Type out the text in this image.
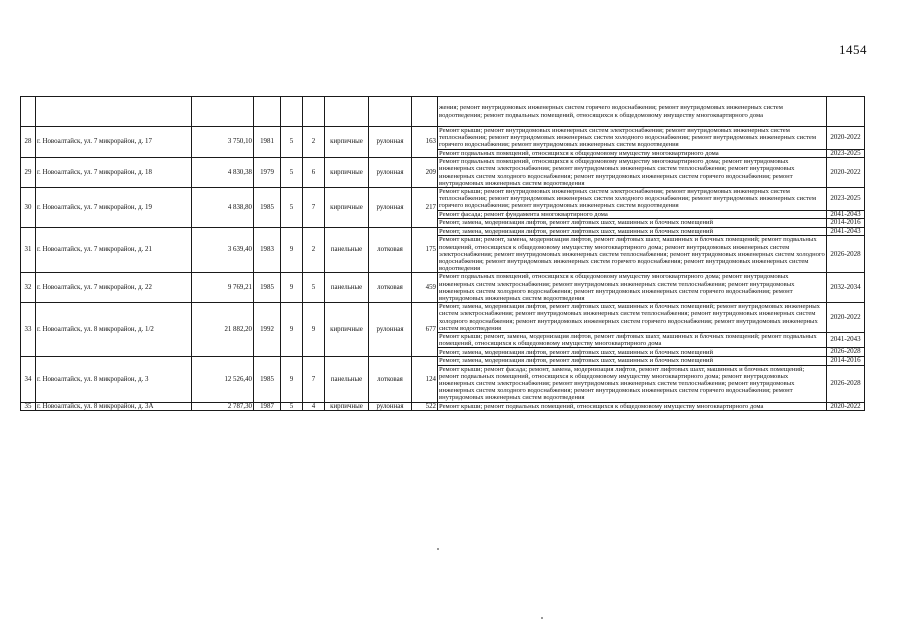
1454
									жения; ремонт внутридомовых инженерных систем горячего водоснабжения; ремонт внутридомовых инженерных систем водоотведения; ремонт подвальных помещений, относящихся к общедомовому имуществу многоквартирного дома	
28	г. Новоалтайск, ул. 7 микрорайон, д. 17	3 750,10	1981	5	2	кирпичные	рулонная	163	Ремонт крыши; ремонт внутридомовых инженерных систем электроснабжения; ремонт внутридомовых инженерных систем теплоснабжения; ремонт внутридомовых инженерных систем холодного водоснабжения; ремонт внутридомовых инженерных систем горячего водоснабжения; ремонт внутридомовых инженерных систем водоотведения	2020-2022
									Ремонт подвальных помещений, относящихся к общедомовому имуществу многоквартирного дома	2023-2025
29	г. Новоалтайск, ул. 7 микрорайон, д. 18	4 830,38	1979	5	6	кирпичные	рулонная	209	Ремонт подвальных помещений, относящихся к общедомовому имуществу многоквартирного дома; ремонт внутридомовых инженерных систем электроснабжения; ремонт внутридомовых инженерных систем теплоснабжения; ремонт внутридомовых инженерных систем холодного водоснабжения; ремонт внутридомовых инженерных систем горячего водоснабжения; ремонт внутридомовых инженерных систем водоотведения	2020-2022
30	г. Новоалтайск, ул. 7 микрорайон, д. 19	4 838,80	1985	5	7	кирпичные	рулонная	217	Ремонт крыши; ремонт внутридомовых инженерных систем электроснабжения; ремонт внутридомовых инженерных систем теплоснабжения; ремонт внутридомовых инженерных систем холодного водоснабжения; ремонт внутридомовых инженерных систем горячего водоснабжения; ремонт внутридомовых инженерных систем водоотведения	2023-2025
									Ремонт фасада; ремонт фундамента многоквартирного дома	2041-2043
									Ремонт, замена, модернизация лифтов, ремонт лифтовых шахт, машинных и блочных помещений	2014-2016
31	г. Новоалтайск, ул. 7 микрорайон, д. 21	3 639,40	1983	9	2	панельные	лотковая	175	Ремонт, замена, модернизация лифтов, ремонт лифтовых шахт, машинных и блочных помещений	2041-2043
									Ремонт крыши; ремонт, замена, модернизация лифтов, ремонт лифтовых шахт, машинных и блочных помещений; ремонт подвальных помещений, относящихся к общедомовому имуществу многоквартирного дома; ремонт внутридомовых инженерных систем электроснабжения; ремонт внутридомовых инженерных систем теплоснабжения; ремонт внутридомовых инженерных систем холодного водоснабжения; ремонт внутридомовых инженерных систем горячего водоснабжения; ремонт внутридомовых инженерных систем водоотведения	2026-2028
32	г. Новоалтайск, ул. 7 микрорайон, д. 22	9 769,21	1985	9	5	панельные	лотковая	459	Ремонт подвальных помещений, относящихся к общедомовому имуществу многоквартирного дома; ремонт внутридомовых инженерных систем электроснабжения; ремонт внутридомовых инженерных систем теплоснабжения; ремонт внутридомовых инженерных систем холодного водоснабжения; ремонт внутридомовых инженерных систем горячего водоснабжения; ремонт внутридомовых инженерных систем водоотведения	2032-2034
33	г. Новоалтайск, ул. 8 микрорайон, д. 1/2	21 882,20	1992	9	9	кирпичные	рулонная	677	Ремонт, замена, модернизация лифтов, ремонт лифтовых шахт, машинных и блочных помещений; ремонт внутридомовых инженерных систем электроснабжения; ремонт внутридомовых инженерных систем теплоснабжения; ремонт внутридомовых инженерных систем холодного водоснабжения; ремонт внутридомовых инженерных систем горячего водоснабжения; ремонт внутридомовых инженерных систем водоотведения	2020-2022
									Ремонт крыши; ремонт, замена, модернизация лифтов, ремонт лифтовых шахт, машинных и блочных помещений; ремонт подвальных помещений, относящихся к общедомовому имуществу многоквартирного дома	2041-2043
									Ремонт, замена, модернизация лифтов, ремонт лифтовых шахт, машинных и блочных помещений	2026-2028
34	г. Новоалтайск, ул. 8 микрорайон, д. 3	12 526,40	1985	9	7	панельные	лотковая	124	Ремонт, замена, модернизация лифтов, ремонт лифтовых шахт, машинных и блочных помещений	2014-2016
									Ремонт крыши; ремонт фасада; ремонт, замена, модернизация лифтов, ремонт лифтовых шахт, машинных и блочных помещений; ремонт подвальных помещений, относящихся к общедомовому имуществу многоквартирного дома; ремонт внутридомовых инженерных систем электроснабжения; ремонт внутридомовых инженерных систем теплоснабжения; ремонт внутридомовых инженерных систем холодного водоснабжения; ремонт внутридомовых инженерных систем горячего водоснабжения; ремонт внутридомовых инженерных систем водоотведения	2026-2028
35	г. Новоалтайск, ул. 8 микрорайон, д. 3А	2 787,30	1987	5	4	кирпичные	рулонная	522	Ремонт крыши; ремонт подвальных помещений, относящихся к общедомовому имуществу многоквартирного дома	2020-2022
